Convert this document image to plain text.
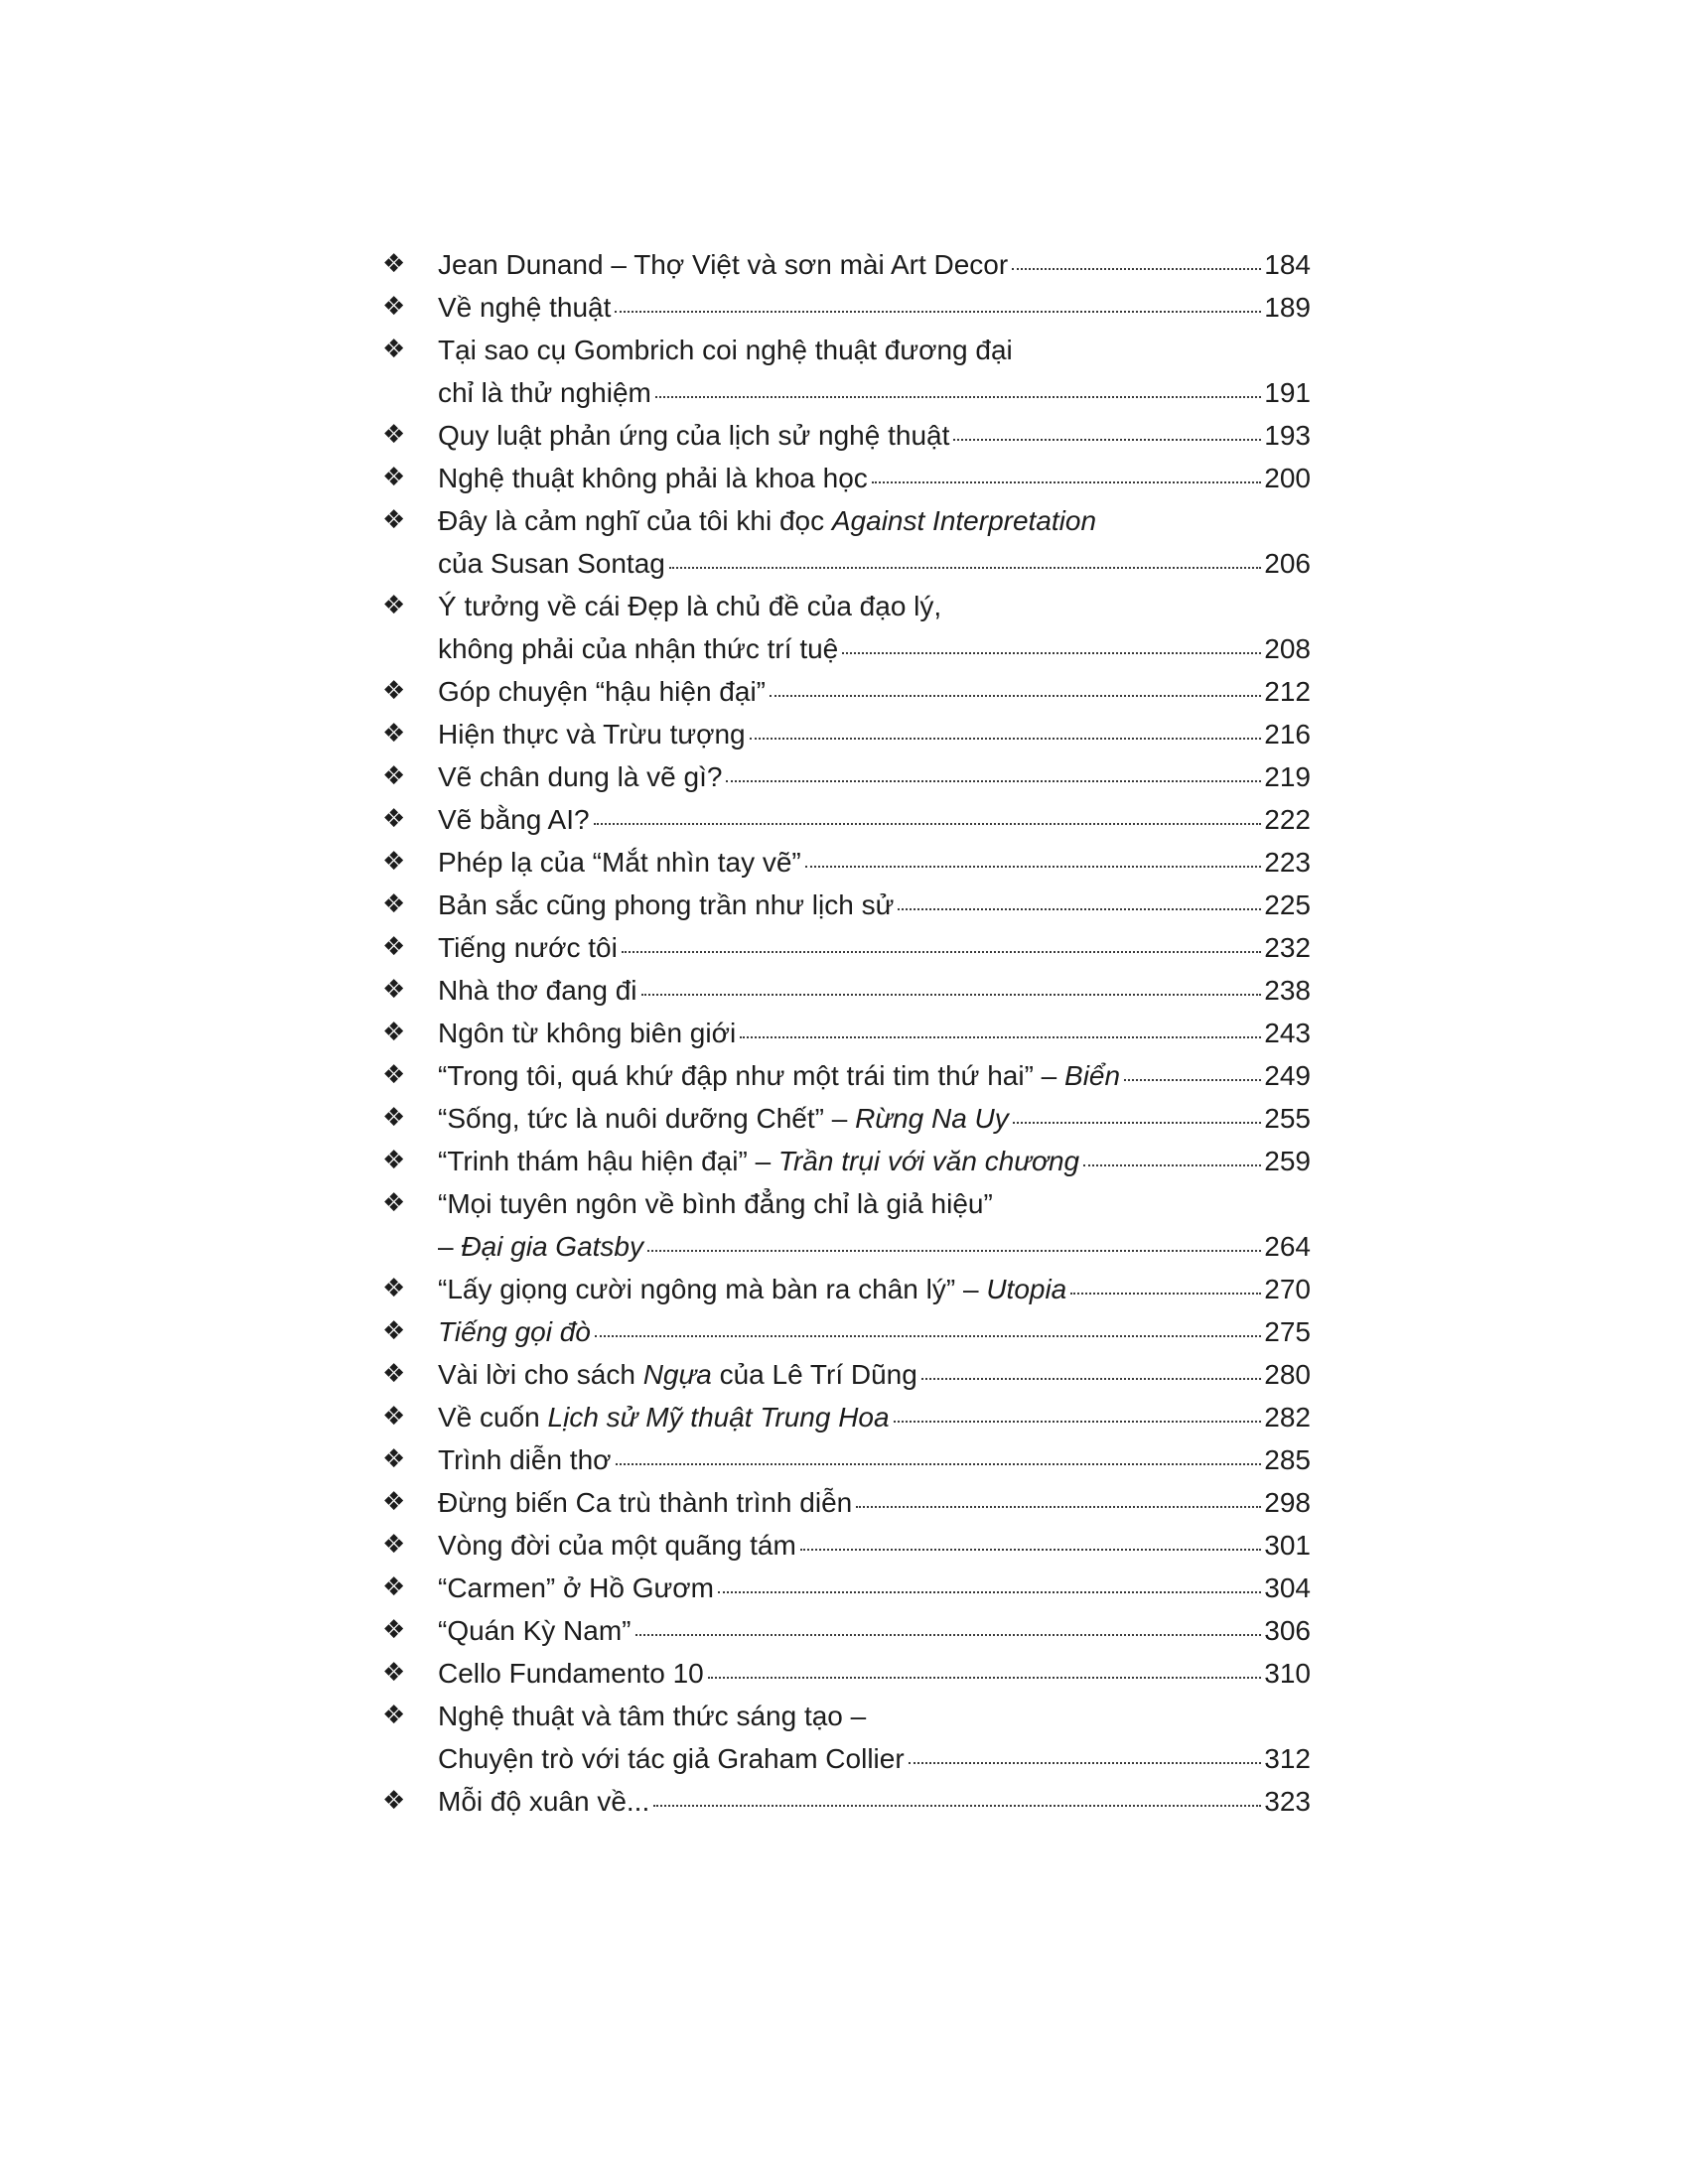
❖ Jean Dunand – Thợ Việt và sơn mài Art Decor	184
❖ Về nghệ thuật	189
❖ Tại sao cụ Gombrich coi nghệ thuật đương đại
chỉ là thử nghiệm	191
❖ Quy luật phản ứng của lịch sử nghệ thuật	193
❖ Nghệ thuật không phải là khoa học	200
❖ Đây là cảm nghĩ của tôi khi đọc Against Interpretation
của Susan Sontag	206
❖ Ý tưởng về cái Đẹp là chủ đề của đạo lý,
không phải của nhận thức trí tuệ	208
❖ Góp chuyện “hậu hiện đại”	212
❖ Hiện thực và Trừu tượng	216
❖ Vẽ chân dung là vẽ gì?	219
❖ Vẽ bằng AI?	222
❖ Phép lạ của “Mắt nhìn tay vẽ”	223
❖ Bản sắc cũng phong trần như lịch sử	225
❖ Tiếng nước tôi	232
❖ Nhà thơ đang đi	238
❖ Ngôn từ không biên giới	243
❖ “Trong tôi, quá khứ đập như một trái tim thứ hai” – Biển	249
❖ “Sống, tức là nuôi dưỡng Chết” – Rừng Na Uy	255
❖ “Trinh thám hậu hiện đại” – Trần trụi với văn chương	259
❖ “Mọi tuyên ngôn về bình đẳng chỉ là giả hiệu”
– Đại gia Gatsby	264
❖ “Lấy giọng cười ngông mà bàn ra chân lý” – Utopia	270
❖ Tiếng gọi đò	275
❖ Vài lời cho sách Ngựa của Lê Trí Dũng	280
❖ Về cuốn Lịch sử Mỹ thuật Trung Hoa	282
❖ Trình diễn thơ	285
❖ Đừng biến Ca trù thành trình diễn	298
❖ Vòng đời của một quãng tám	301
❖ “Carmen” ở Hồ Gươm	304
❖ “Quán Kỳ Nam”	306
❖ Cello Fundamento 10	310
❖ Nghệ thuật và tâm thức sáng tạo –
Chuyện trò với tác giả Graham Collier	312
❖ Mỗi độ xuân về...	323
